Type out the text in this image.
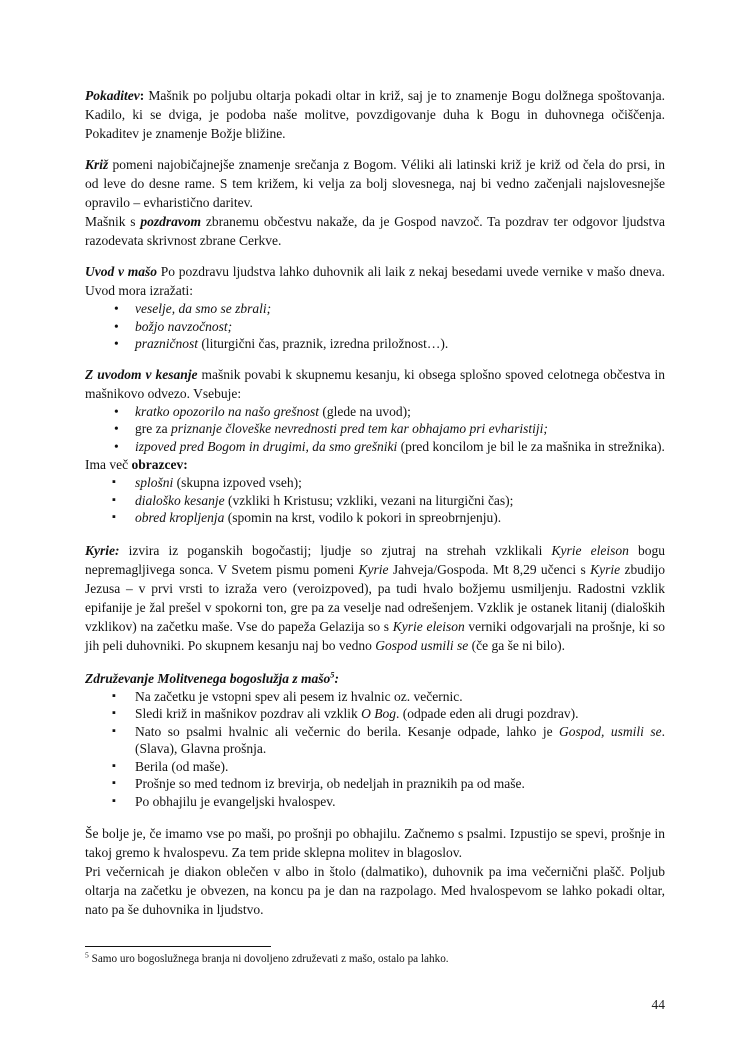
Pokaditev: Mašnik po poljubu oltarja pokadi oltar in križ, saj je to znamenje Bogu dolžnega spoštovanja. Kadilo, ki se dviga, je podoba naše molitve, povzdigovanje duha k Bogu in duhovnega očiščenja. Pokaditev je znamenje Božje bližine.

Križ pomeni najobičajnejše znamenje srečanja z Bogom. Véliki ali latinski križ je križ od čela do prsi, in od leve do desne rame. S tem križem, ki velja za bolj slovesnega, naj bi vedno začenjali najslovesnejše opravilo – evharistično daritev.

Mašnik s pozdravom zbranemu občestvu nakaže, da je Gospod navzoč. Ta pozdrav ter odgovor ljudstva razodevata skrivnost zbrane Cerkve.

Uvod v mašo Po pozdravu ljudstva lahko duhovnik ali laik z nekaj besedami uvede vernike v mašo dneva. Uvod mora izražati:

• veselje, da smo se zbrali;
• božjo navzočnost;
• prazničnost (liturgični čas, praznik, izredna priložnost…).

Z uvodom v kesanje mašnik povabi k skupnemu kesanju, ki obsega splošno spoved celotnega občestva in mašnikovo odvezo. Vsebuje:

• kratko opozorilo na našo grešnost (glede na uvod);
• gre za priznanje človeške nevrednosti pred tem kar obhajamo pri evharistiji;
• izpoved pred Bogom in drugimi, da smo grešniki (pred koncilom je bil le za mašnika in strežnika).

Ima več obrazcev:

▪ splošni (skupna izpoved vseh);
▪ dialoško kesanje (vzkliki h Kristusu; vzkliki, vezani na liturgični čas);
▪ obred kropljenja (spomin na krst, vodilo k pokori in spreobrnjenju).

Kyrie: izvira iz poganskih bogočastij; ljudje so zjutraj na strehah vzklikali Kyrie eleison bogu nepremagljivega sonca. V Svetem pismu pomeni Kyrie Jahveja/Gospoda. Mt 8,29 učenci s Kyrie zbudijo Jezusa – v prvi vrsti to izraža vero (veroizpoved), pa tudi hvalo božjemu usmiljenju. Radostni vzklik epifanije je žal prešel v spokorni ton, gre pa za veselje nad odrešenjem. Vzklik je ostanek litanij (dialoških vzklikov) na začetku maše. Vse do papeža Gelazija so s Kyrie eleison verniki odgovarjali na prošnje, ki so jih peli duhovniki. Po skupnem kesanju naj bo vedno Gospod usmili se (če ga še ni bilo).

Združevanje Molitvenega bogoslužja z mašo$^5$:

▪ Na začetku je vstopni spev ali pesem iz hvalnic oz. večernic.
▪ Sledi križ in mašnikov pozdrav ali vzklik O Bog. (odpade eden ali drugi pozdrav).
▪ Nato so psalmi hvalnic ali večernic do berila. Kesanje odpade, lahko je Gospod, usmili se. (Slava), Glavna prošnja.
▪ Berila (od maše).
▪ Prošnje so med tednom iz brevirja, ob nedeljah in praznikih pa od maše.
▪ Po obhajilu je evangeljski hvalospev.

Še bolje je, če imamo vse po maši, po prošnji po obhajilu. Začnemo s psalmi. Izpustijo se spevi, prošnje in takoj gremo k hvalospevu. Za tem pride sklepna molitev in blagoslov.

Pri večernicah je diakon oblečen v albo in štolo (dalmatiko), duhovnik pa ima večernični plašč. Poljub oltarja na začetku je obvezen, na koncu pa je dan na razpolago. Med hvalospevom se lahko pokadi oltar, nato pa še duhovnika in ljudstvo.

$^5$ Samo uro bogoslužnega branja ni dovoljeno združevati z mašo, ostalo pa lahko.

44
